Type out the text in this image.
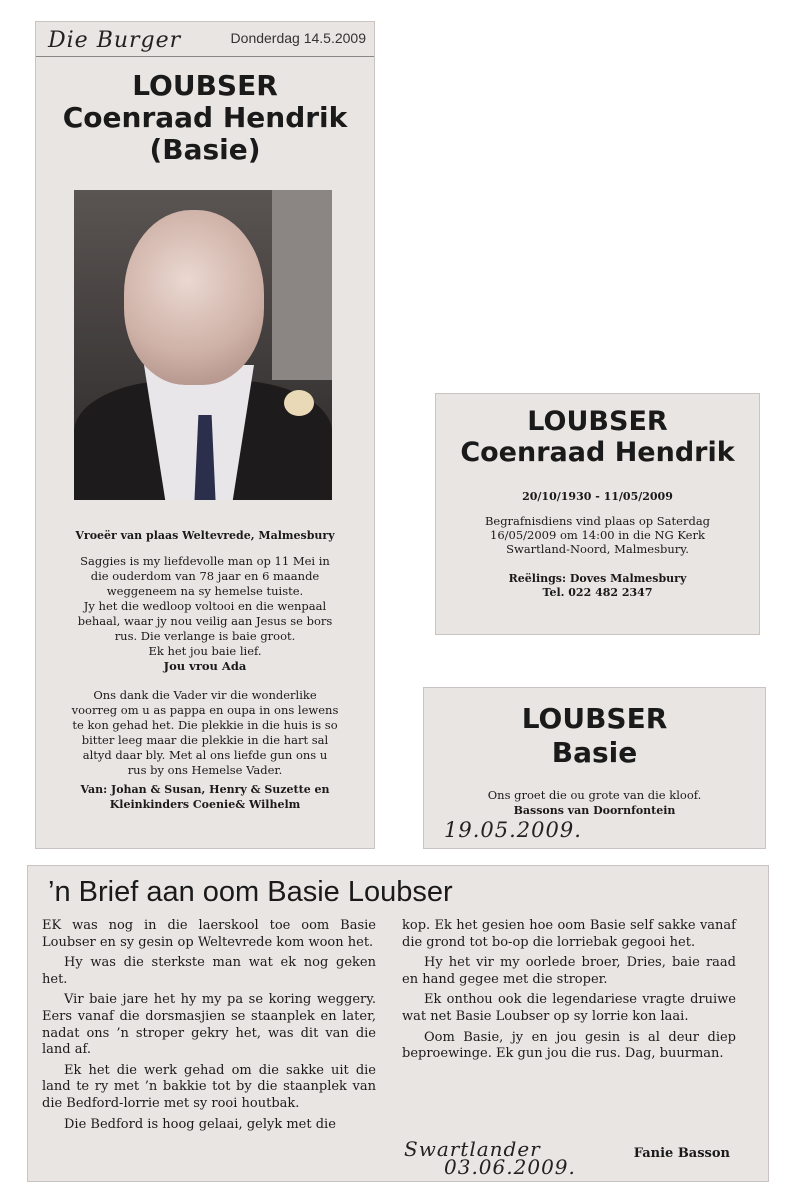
Die Burger	Donderdag 14.5.2009
LOUBSER
Coenraad Hendrik
(Basie)
Vroeër van plaas Weltevrede, Malmesbury
Saggies is my liefdevolle man op 11 Mei in
die ouderdom van 78 jaar en 6 maande
weggeneem na sy hemelse tuiste.
Jy het die wedloop voltooi en die wenpaal
behaal, waar jy nou veilig aan Jesus se bors
rus. Die verlange is baie groot.
Ek het jou baie lief.
Jou vrou Ada
Ons dank die Vader vir die wonderlike
voorreg om u as pappa en oupa in ons lewens
te kon gehad het. Die plekkie in die huis is so
bitter leeg maar die plekkie in die hart sal
altyd daar bly. Met al ons liefde gun ons u
rus by ons Hemelse Vader.
Van: Johan & Susan, Henry & Suzette en
Kleinkinders Coenie& Wilhelm
LOUBSER
Coenraad Hendrik
20/10/1930 - 11/05/2009
Begrafnisdiens vind plaas op Saterdag
16/05/2009 om 14:00 in die NG Kerk
Swartland-Noord, Malmesbury.
Reëlings: Doves Malmesbury
Tel. 022 482 2347
LOUBSER
Basie
Ons groet die ou grote van die kloof.
Bassons van Doornfontein
19.05.2009.
’n Brief aan oom Basie Loubser

EK was nog in die laerskool toe oom Basie Loubser en sy gesin op Weltevrede kom woon het.

Hy was die sterkste man wat ek nog geken het.

Vir baie jare het hy my pa se koring weggery. Eers vanaf die dorsmasjien se staanplek en later, nadat ons ’n stroper gekry het, was dit van die land af.

Ek het die werk gehad om die sakke uit die land te ry met ’n bakkie tot by die staanplek van die Bedford-lorrie met sy rooi houtbak.

Die Bedford is hoog gelaai, gelyk met die

kop. Ek het gesien hoe oom Basie self sakke vanaf die grond tot bo-op die lorriebak gegooi het.

Hy het vir my oorlede broer, Dries, baie raad en hand gegee met die stroper.

Ek onthou ook die legendariese vragte druiwe wat net Basie Loubser op sy lorrie kon laai.

Oom Basie, jy en jou gesin is al deur diep beproewinge. Ek gun jou die rus. Dag, buurman.

Swartlander
03.06.2009.
Fanie Basson
